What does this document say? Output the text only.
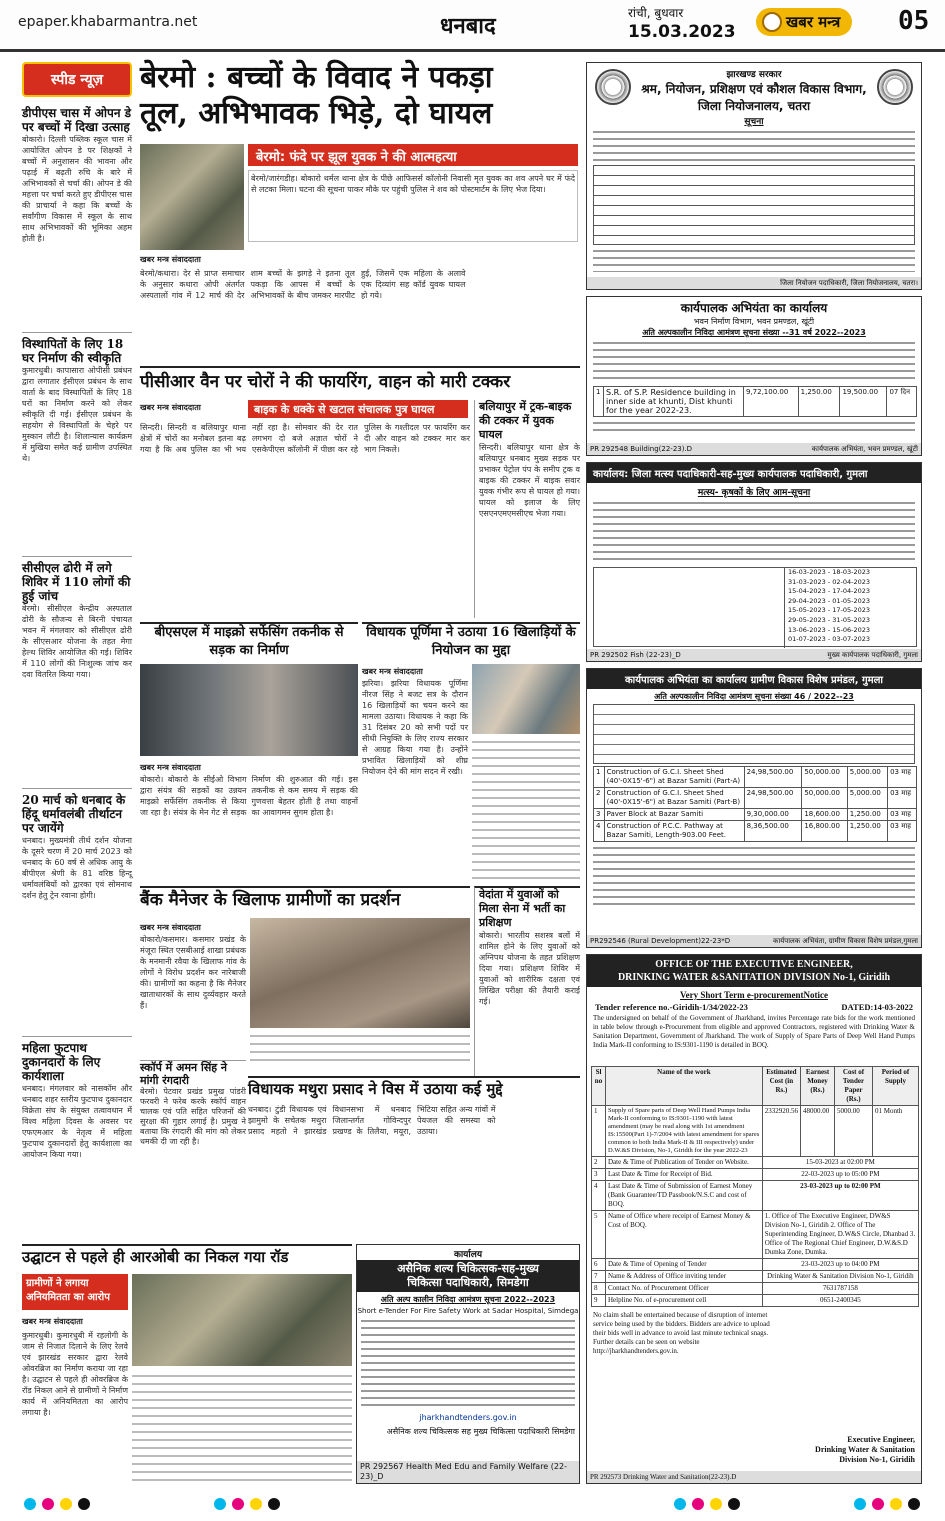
epaper.khabarmantra.net	धनबाद	रांची, बुधवार
15.03.2023	खबर मन्त्र	05
स्पीड न्यूज़
डीपीएस चास में ओपन डे पर बच्चों में दिखा उत्साह
बोकारो। दिल्ली पब्लिक स्कूल चास में आयोजित ओपन डे पर शिक्षकों ने बच्चों में अनुशासन की भावना और पढ़ाई में बढ़ती रुचि के बारे में अभिभावकों से चर्चा की। ओपन डे की महत्ता पर चर्चा करते हुए डीपीएस चास की प्राचार्या ने कहा कि बच्चों के सर्वांगीण विकास में स्कूल के साथ साथ अभिभावकों की भूमिका अहम होती है।
विस्थापितों के लिए 18 घर निर्माण की स्वीकृति
कुमारधुबी। कापासारा ओपीसी प्रबंधन द्वारा लगातार ईसीएल प्रबंधन के साथ वार्ता के बाद विस्थापितों के लिए 18 घरों का निर्माण करने को लेकर स्वीकृति दी गई। ईसीएल प्रबंधन के सहयोग से विस्थापितों के चेहरे पर मुस्कान लौटी है। शिलान्यास कार्यक्रम में मुखिया समेत कई ग्रामीण उपस्थित थे।
सीसीएल ढोरी में लगे शिविर में 110 लोगों की हुई जांच
बेरमो। सीसीएल केन्द्रीय अस्पताल ढोरी के सौजन्य से बिरनी पंचायत भवन में मंगलवार को सीसीएल ढोरी के सीएसआर योजना के तहत मेगा हेल्थ शिविर आयोजित की गई। शिविर में 110 लोगों की निःशुल्क जांच कर दवा वितरित किया गया।
20 मार्च को धनबाद के हिंदू धर्मावलंबी तीर्थाटन पर जायेंगे
धनबाद। मुख्यमंत्री तीर्थ दर्शन योजना के दूसरे चरण में 20 मार्च 2023 को धनबाद के 60 वर्ष से अधिक आयु के बीपीएल श्रेणी के 81 वरिष्ठ हिन्दू धर्मावलंबियों को द्वारका एवं सोमनाथ दर्शन हेतु ट्रेन रवाना होगी।
महिला फुटपाथ दुकानदारों के लिए कार्यशाला
धनबाद। मंगलवार को नासकॉम और धनबाद शहर स्तरीय फुटपाथ दुकानदार विक्रेता संघ के संयुक्त तत्वावधान में विश्व महिला दिवस के अवसर पर एफएमआर के नेतृत्व में महिला फुटपाथ दुकानदारों हेतु कार्यशाला का आयोजन किया गया।
बेरमो : बच्चों के विवाद ने पकड़ा
तूल, अभिभावक भिड़े, दो घायल
बेरमो: फंदे पर झूल युवक ने की आत्महत्या
खबर मन्त्र संवाददाता
बेरमो/जारंगडीह। बोकारो थर्मल थाना क्षेत्र के पीछे आफिसर्स कॉलोनी निवासी मृत युवक का शव अपने घर में फंदे से लटका मिला। घटना की सूचना पाकर मौके पर पहुंची पुलिस ने शव को पोस्टमार्टम के लिए भेज दिया।
बेरमो/कथारा। देर से प्राप्त समाचार के अनुसार कथारा ओपी अंतर्गत अस्पतालों गांव में 12 मार्च की देर शाम बच्चों के झगड़े ने इतना तूल पकड़ा कि आपस में बच्चों के अभिभावकों के बीच जमकर मारपीट हुई, जिसमें एक महिला के अलावे एक दिव्यांग सह कॉर्ड युवक घायल हो गये।
पीसीआर वैन पर चोरों ने की फायरिंग, वाहन को मारी टक्कर
खबर मन्त्र संवाददाता	बाइक के धक्के से खटाल संचालक पुत्र घायल
सिन्दरी। सिन्दरी व बलियापुर थाना क्षेत्रों में चोरों का मनोबल इतना बढ़ गया है कि अब पुलिस का भी भय नहीं रहा है। सोमवार की देर रात लगभग दो बजे अज्ञात चोरों ने एसकेपीएस कॉलोनी में पीछा कर रहे पुलिस के गश्तीदल पर फायरिंग कर दी और वाहन को टक्कर मार कर भाग निकले।
बलियापुर में ट्रक-बाइक की टक्कर में युवक घायल
सिन्दरी। बलियापुर थाना क्षेत्र के बलियापुर धनबाद मुख्य सड़क पर प्रभाकर पेट्रोल पंप के समीप ट्रक व बाइक की टक्कर में बाइक सवार युवक गंभीर रूप से घायल हो गया। घायल को इलाज के लिए एसएनएमएमसीएच भेजा गया।
बीएसएल में माइक्रो सर्फेसिंग तकनीक से सड़क का निर्माण
खबर मन्त्र संवाददाता
बोकारो। बोकारो के सीईओ विभाग द्वारा संयंत्र की सड़कों का उन्नयन माइक्रो सर्फेसिंग तकनीक से किया जा रहा है। संयंत्र के मेन गेट से सड़क निर्माण की शुरुआत की गई। इस तकनीक से कम समय में सड़क की गुणवत्ता बेहतर होती है तथा वाहनों का आवागमन सुगम होता है।
विधायक पूर्णिमा ने उठाया 16 खिलाड़ियों के नियोजन का मुद्दा
खबर मन्त्र संवाददाता
झरिया। झरिया विधायक पूर्णिमा नीरज सिंह ने बजट सत्र के दौरान 16 खिलाड़ियों का चयन करने का मामला उठाया। विधायक ने कहा कि 31 दिसंबर 20 को सभी पदों पर सीधी नियुक्ति के लिए राज्य सरकार से आग्रह किया गया है। उन्होंने प्रभावित खिलाड़ियों को शीघ्र नियोजन देने की मांग सदन में रखी।
बैंक मैनेजर के खिलाफ ग्रामीणों का प्रदर्शन
खबर मन्त्र संवाददाता
बोकारो/कसमार। कसमार प्रखंड के मंजूरा स्थित एसबीआई शाखा प्रबंधक के मनमानी रवैया के खिलाफ गांव के लोगों ने विरोध प्रदर्शन कर नारेबाजी की। ग्रामीणों का कहना है कि मैनेजर खाताधारकों के साथ दुर्व्यवहार करते हैं।
स्कॉर्प में अमन सिंह ने मांगी रंगदारी
बेरमो। पेटवार प्रखंड प्रमुख पांडरी फरवरी ने फरेब करके स्कॉर्प वाहन चालक एवं पति सहित परिजनों की सुरक्षा की गुहार लगाई है। प्रमुख ने बताया कि रंगदारी की मांग को लेकर धमकी दी जा रही है।
वेदांता में युवाओं को मिला सेना में भर्ती का प्रशिक्षण
बोकारो। भारतीय सशस्त्र बलों में शामिल होने के लिए युवाओं को अग्निपथ योजना के तहत प्रशिक्षण दिया गया। प्रशिक्षण शिविर में युवाओं को शारीरिक दक्षता एवं लिखित परीक्षा की तैयारी कराई गई।
विधायक मथुरा प्रसाद ने विस में उठाया कई मुद्दे
धनबाद। टुंडी विधायक एवं झामुमो के सचेतक मथुरा प्रसाद महतो ने झारखंड विधानसभा में धनबाद जिलान्तर्गत गोविन्दपुर प्रखण्ड के तिलैया, मयूरा, भिटिया सहित अन्य गांवों में पेयजल की समस्या को उठाया।
उद्घाटन से पहले ही आरओबी का निकल गया रॉड
ग्रामीणों ने लगाया अनियमितता का आरोप
खबर मन्त्र संवाददाता
कुमारधुबी। कुमारधुबी में रहलोगी के जाम से निजात दिलाने के लिए रेलवे एवं झारखंड सरकार द्वारा रेलवे ओवरब्रिज का निर्माण कराया जा रहा है। उद्घाटन से पहले ही ओवरब्रिज के रॉड निकल आने से ग्रामीणों ने निर्माण कार्य में अनियमितता का आरोप लगाया है।
कार्यालय
असैनिक शल्य चिकित्सक-सह-मुख्य
चिकित्सा पदाधिकारी, सिमडेगा
अति अल्प कालीन निविदा आमंत्रण सूचना 2022--2023
Short e-Tender For Fire Safety Work at Sadar Hospital, Simdega
jharkhandtenders.gov.in
असैनिक शल्य चिकित्सक सह मुख्य चिकित्सा पदाधिकारी सिमडेगा
PR 292567 Health Med Edu and Family Welfare (22-23)_D
झारखण्ड सरकार
श्रम, नियोजन, प्रशिक्षण एवं कौशल विकास विभाग,
जिला नियोजनालय, चतरा
सूचना
जिला नियोजन पदाधिकारी, जिला नियोजनालय, चतरा।
कार्यपालक अभियंता का कार्यालय
भवन निर्माण विभाग, भवन प्रमण्डल, खूंटी
अति अल्पकालीन निविदा आमंत्रण सूचना संख्या --31 वर्ष 2022--2023
1	S.R. of S.P. Residence building in inner side at khunti, Dist khunti for the year 2022-23.	9,72,100.00	1,250.00	19,500.00	07 दिन
PR 292548 Building(22-23).D	कार्यपालक अभियंता, भवन प्रमण्डल, खूंटी
कार्यालय: जिला मत्स्य पदाधिकारी-सह-मुख्य कार्यपालक पदाधिकारी, गुमला
मत्स्य- कृषकों के लिए आम-सूचना
16-03-2023 - 18-03-2023
31-03-2023 - 02-04-2023
15-04-2023 - 17-04-2023
29-04-2023 - 01-05-2023
15-05-2023 - 17-05-2023
29-05-2023 - 31-05-2023
13-06-2023 - 15-06-2023
01-07-2023 - 03-07-2023
PR 292502 Fish (22-23)_D	मुख्य कार्यपालक पदाधिकारी, गुमला
कार्यपालक अभियंता का कार्यालय ग्रामीण विकास विशेष प्रमंडल, गुमला
अति अल्पकालीन निविदा आमंत्रण सूचना संख्या 46 / 2022--23
1	Construction of G.C.I. Sheet Shed (40'-0X15'-6") at Bazar Samiti (Part-A)	24,98,500.00	50,000.00	5,000.00	03 माह
2	Construction of G.C.I. Sheet Shed (40'-0X15'-6") at Bazar Samiti (Part-B)	24,98,500.00	50,000.00	5,000.00	03 माह
3	Paver Block at Bazar Samiti	9,30,000.00	18,600.00	1,250.00	03 माह
4	Construction of P.C.C. Pathway at Bazar Samiti, Length-903.00 Feet.	8,36,500.00	16,800.00	1,250.00	03 माह
PR292546 (Rural Development)22-23*D	कार्यपालक अभियंता, ग्रामीण विकास विशेष प्रमंडल,गुमला
OFFICE OF THE EXECUTIVE ENGINEER,
DRINKING WATER &SANITATION DIVISION No-1, Giridih
Very Short Term e-procurementNotice
Tender reference no.-Giridih-1/34/2022-23	DATED:14-03-2022
The undersigned on behalf of the Government of Jharkhand, invites Percentage rate bids for the work mentioned in table below through e-Procurement from eligible and approved Contractors, registered with Drinking Water & Sanitation Department, Government of Jharkhand. The work of Supply of Spare Parts of Deep Well Hand Pumps India Mark-II conforming to IS:9301-1190 is detailed in BOQ.
Sl no	Name of the work	Estimated Cost (in Rs.)	Earnest Money (Rs.)	Cost of Tender Paper (Rs.)	Period of Supply
1	Supply of Spare parts of Deep Well Hand Pumps India Mark-II conforming to IS:9301-1190 with latest amendment (may be read along with 1st amendment IS:15500(Part 1)-7/2004 with latest amendment for spares common to both India Mark-II & III respectively) under D.W.&S Division, No-1, Giridih for the year 2022-23	2332920.56	48000.00	5000.00	01 Month
2	Date & Time of Publication of Tender on Website.	15-03-2023 at 02:00 PM			
3	Last Date & Time for Receipt of Bid.	22-03-2023 up to 05:00 PM			
4	Last Date & Time of Submission of Earnest Money (Bank Guarantee/TD Passbook/N.S.C and cost of BOQ.	23-03-2023 up to 02:00 PM			
5	Name of Office where receipt of Earnest Money & Cost of BOQ.	1. Office of The Executive Engineer, DW&S Division No-1, Giridih 2. Office of The Superintending Engineer, D.W&S Circle, Dhanbad 3. Office of The Regional Chief Engineer, D.W.&S.D Dumka Zone, Dumka.			
6	Date & Time of Opening of Tender	23-03-2023 up to 04:00 PM			
7	Name & Address of Office inviting tender	Drinking Water & Sanitation Division No-1, Giridih			
8	Contact No. of Procurement Officer	7631787158			
9	Helpline No. of e-procurement cell	0651-2400345			
No claim shall be entertained because of disruption of internet service being used by the bidders. Bidders are advice to upload their bids well in advance to avoid last minute technical snags. Further details can be seen on website http://jharkhandtenders.gov.in.
Executive Engineer,
Drinking Water & Sanitation
Division No-1, Giridih
PR 292573 Drinking Water and Sanitation(22-23).D
